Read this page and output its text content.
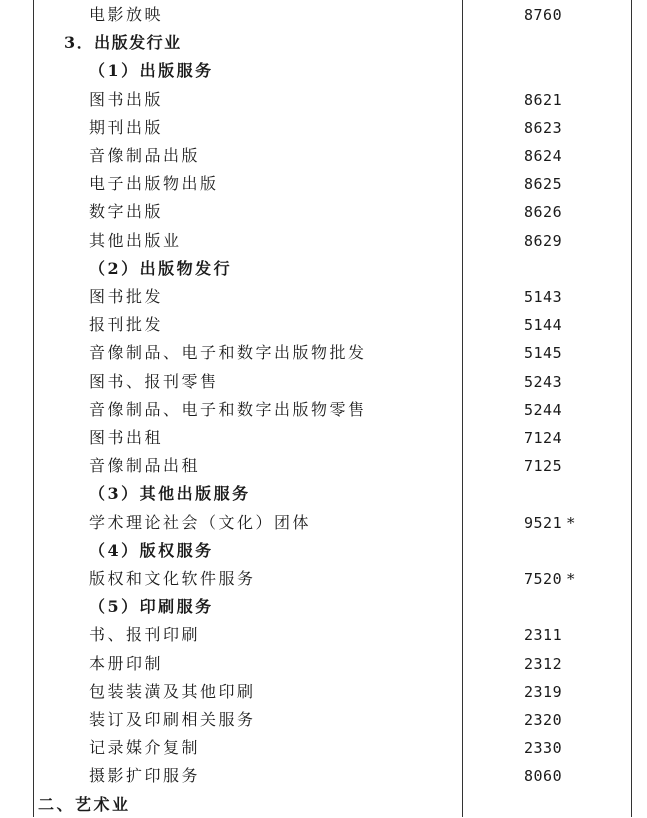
电影放映	8760
3．出版发行业
（1）出版服务
图书出版	8621
期刊出版	8623
音像制品出版	8624
电子出版物出版	8625
数字出版	8626
其他出版业	8629
（2）出版物发行
图书批发	5143
报刊批发	5144
音像制品、电子和数字出版物批发	5145
图书、报刊零售	5243
音像制品、电子和数字出版物零售	5244
图书出租	7124
音像制品出租	7125
（3）其他出版服务
学术理论社会（文化）团体	9521 *
（4）版权服务
版权和文化软件服务	7520 *
（5）印刷服务
书、报刊印刷	2311
本册印制	2312
包装装潢及其他印刷	2319
装订及印刷相关服务	2320
记录媒介复制	2330
摄影扩印服务	8060
二、艺术业
